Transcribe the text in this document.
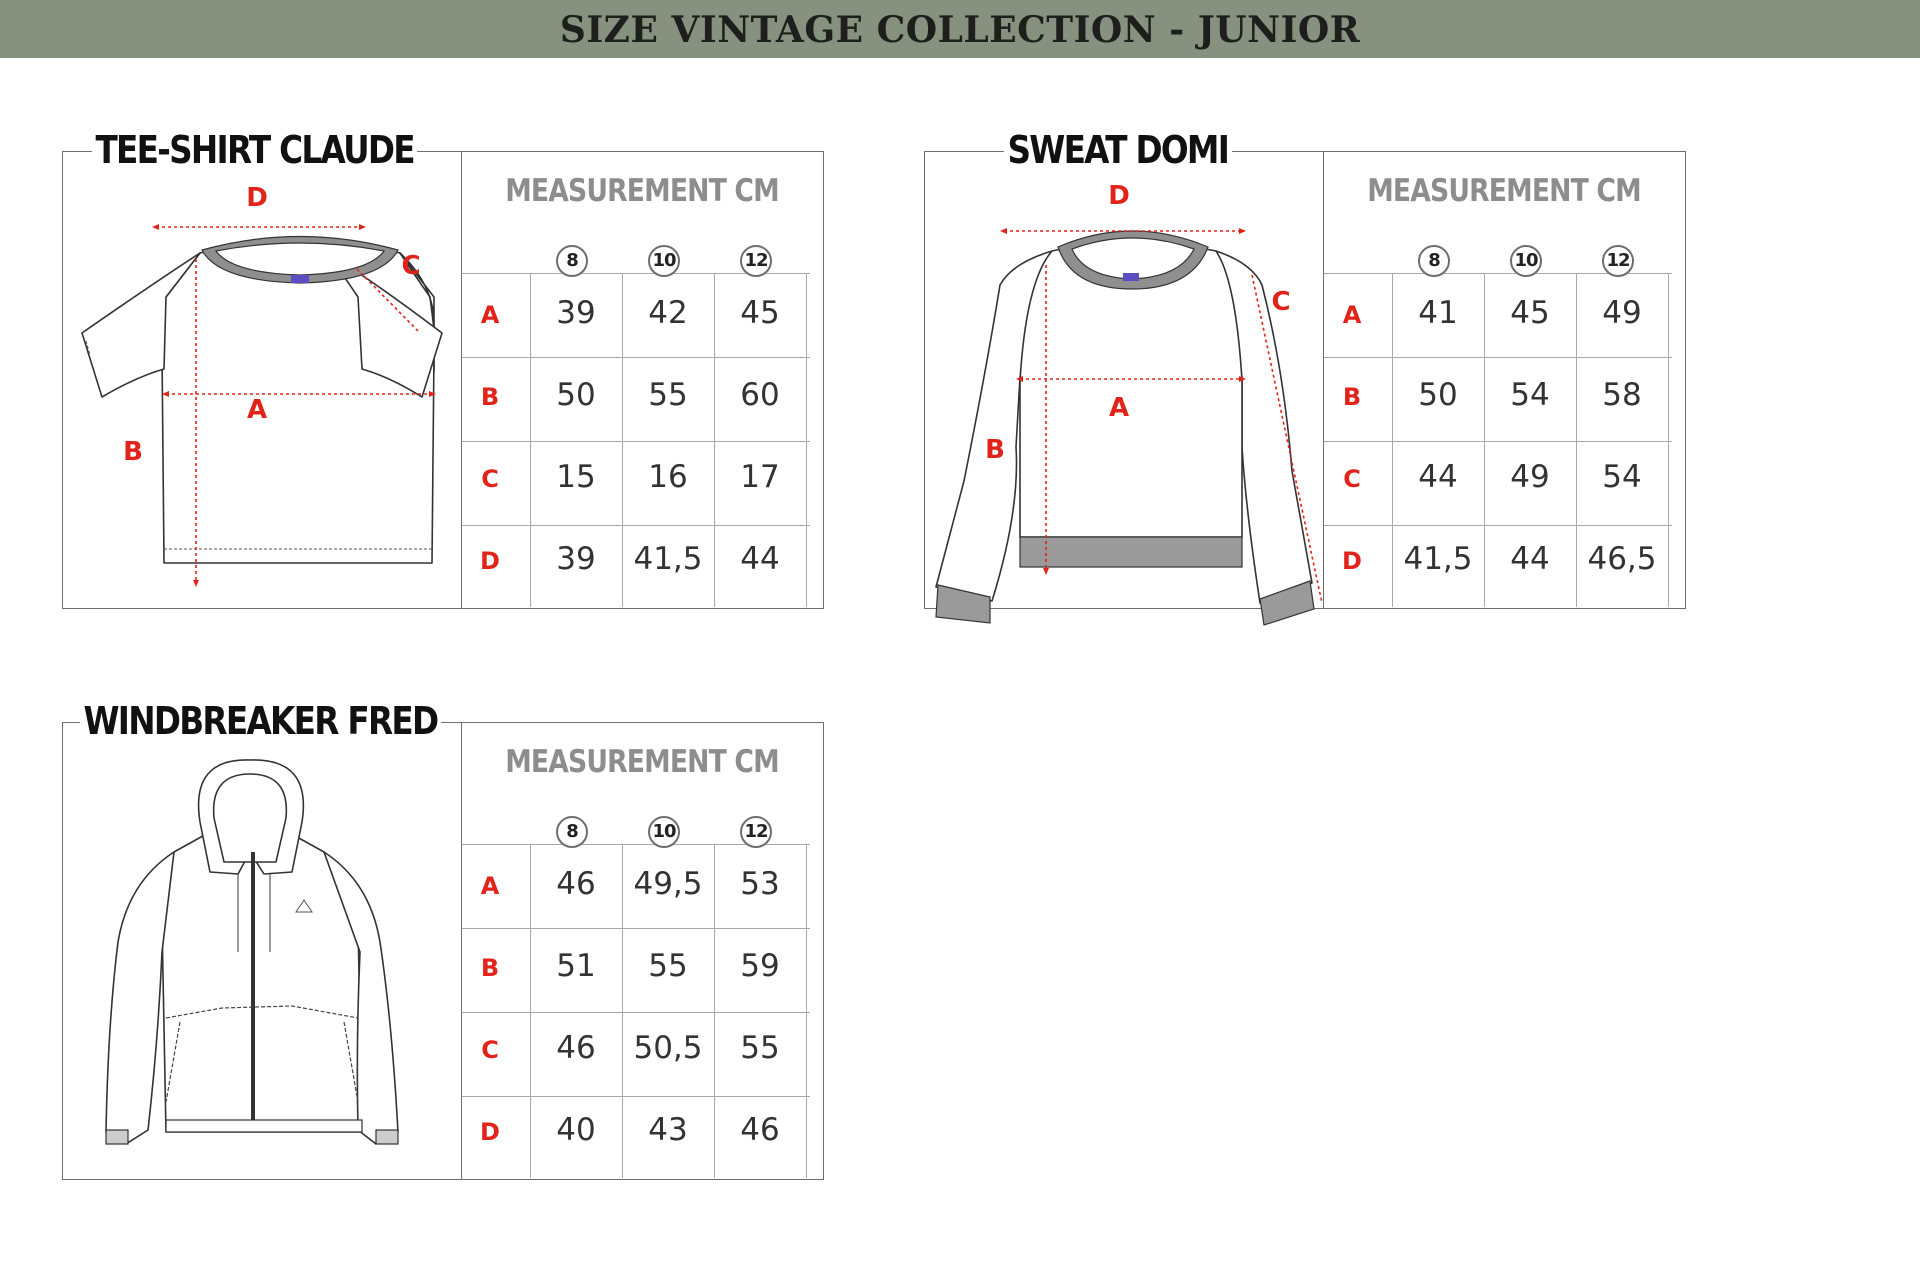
SIZE VINTAGE COLLECTION - JUNIOR
D
C
A
B
TEE-SHIRT CLAUDE
MEASUREMENT CM
8	10	12
A	39	42	45
B	50	55	60
C	15	16	17
D	39	41,5	44
D
C
A
B
SWEAT DOMI
MEASUREMENT CM
8	10	12
A	41	45	49
B	50	54	58
C	44	49	54
D	41,5	44	46,5
WINDBREAKER FRED
MEASUREMENT CM
8	10	12
A	46	49,5	53
B	51	55	59
C	46	50,5	55
D	40	43	46
